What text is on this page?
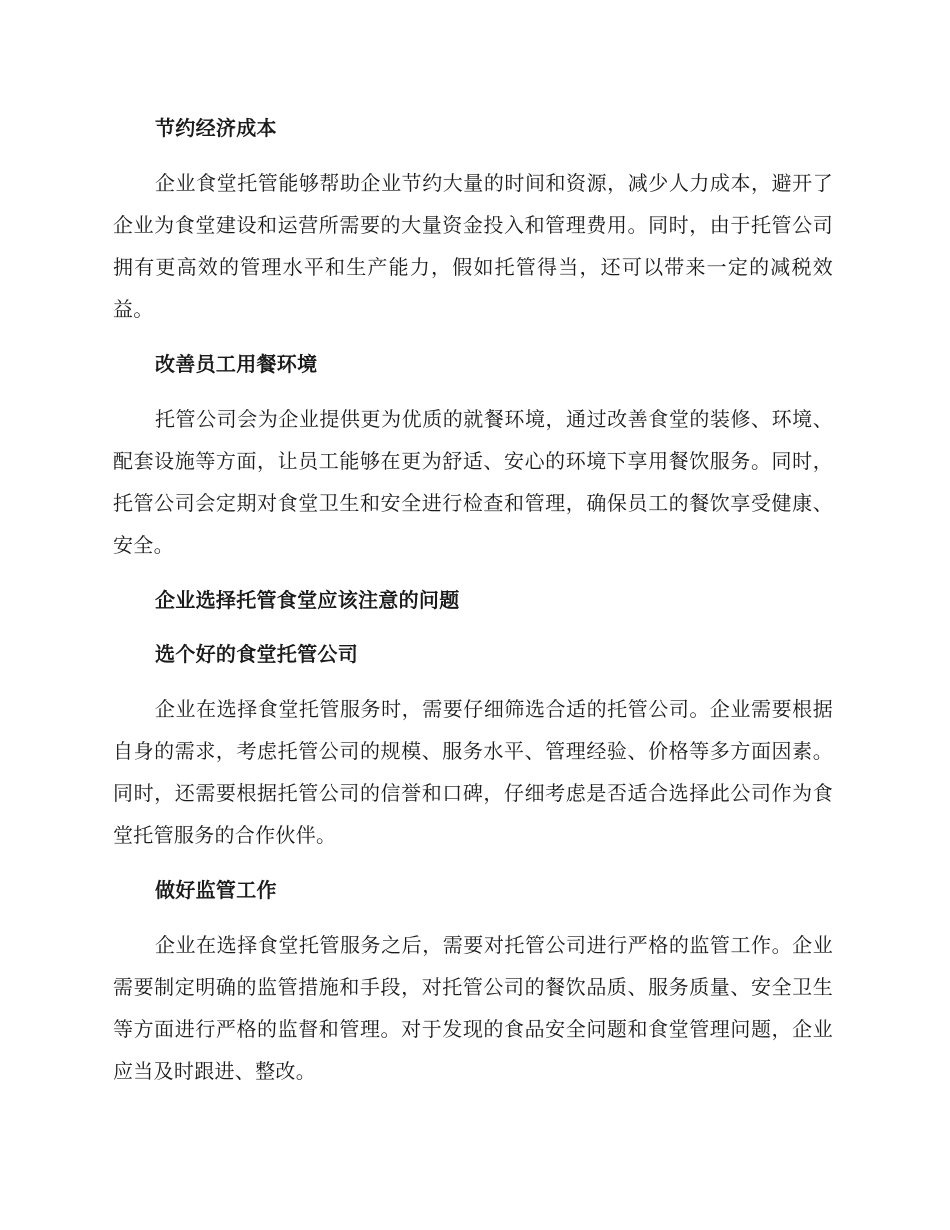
节约经济成本

企业食堂托管能够帮助企业节约大量的时间和资源，减少人力成本，避开了企业为食堂建设和运营所需要的大量资金投入和管理费用。同时，由于托管公司拥有更高效的管理水平和生产能力，假如托管得当，还可以带来一定的减税效益。

改善员工用餐环境

托管公司会为企业提供更为优质的就餐环境，通过改善食堂的装修、环境、配套设施等方面，让员工能够在更为舒适、安心的环境下享用餐饮服务。同时，托管公司会定期对食堂卫生和安全进行检查和管理，确保员工的餐饮享受健康、安全。

企业选择托管食堂应该注意的问题
选个好的食堂托管公司

企业在选择食堂托管服务时，需要仔细筛选合适的托管公司。企业需要根据自身的需求，考虑托管公司的规模、服务水平、管理经验、价格等多方面因素。同时，还需要根据托管公司的信誉和口碑，仔细考虑是否适合选择此公司作为食堂托管服务的合作伙伴。

做好监管工作

企业在选择食堂托管服务之后，需要对托管公司进行严格的监管工作。企业需要制定明确的监管措施和手段，对托管公司的餐饮品质、服务质量、安全卫生等方面进行严格的监督和管理。对于发现的食品安全问题和食堂管理问题，企业应当及时跟进、整改。
